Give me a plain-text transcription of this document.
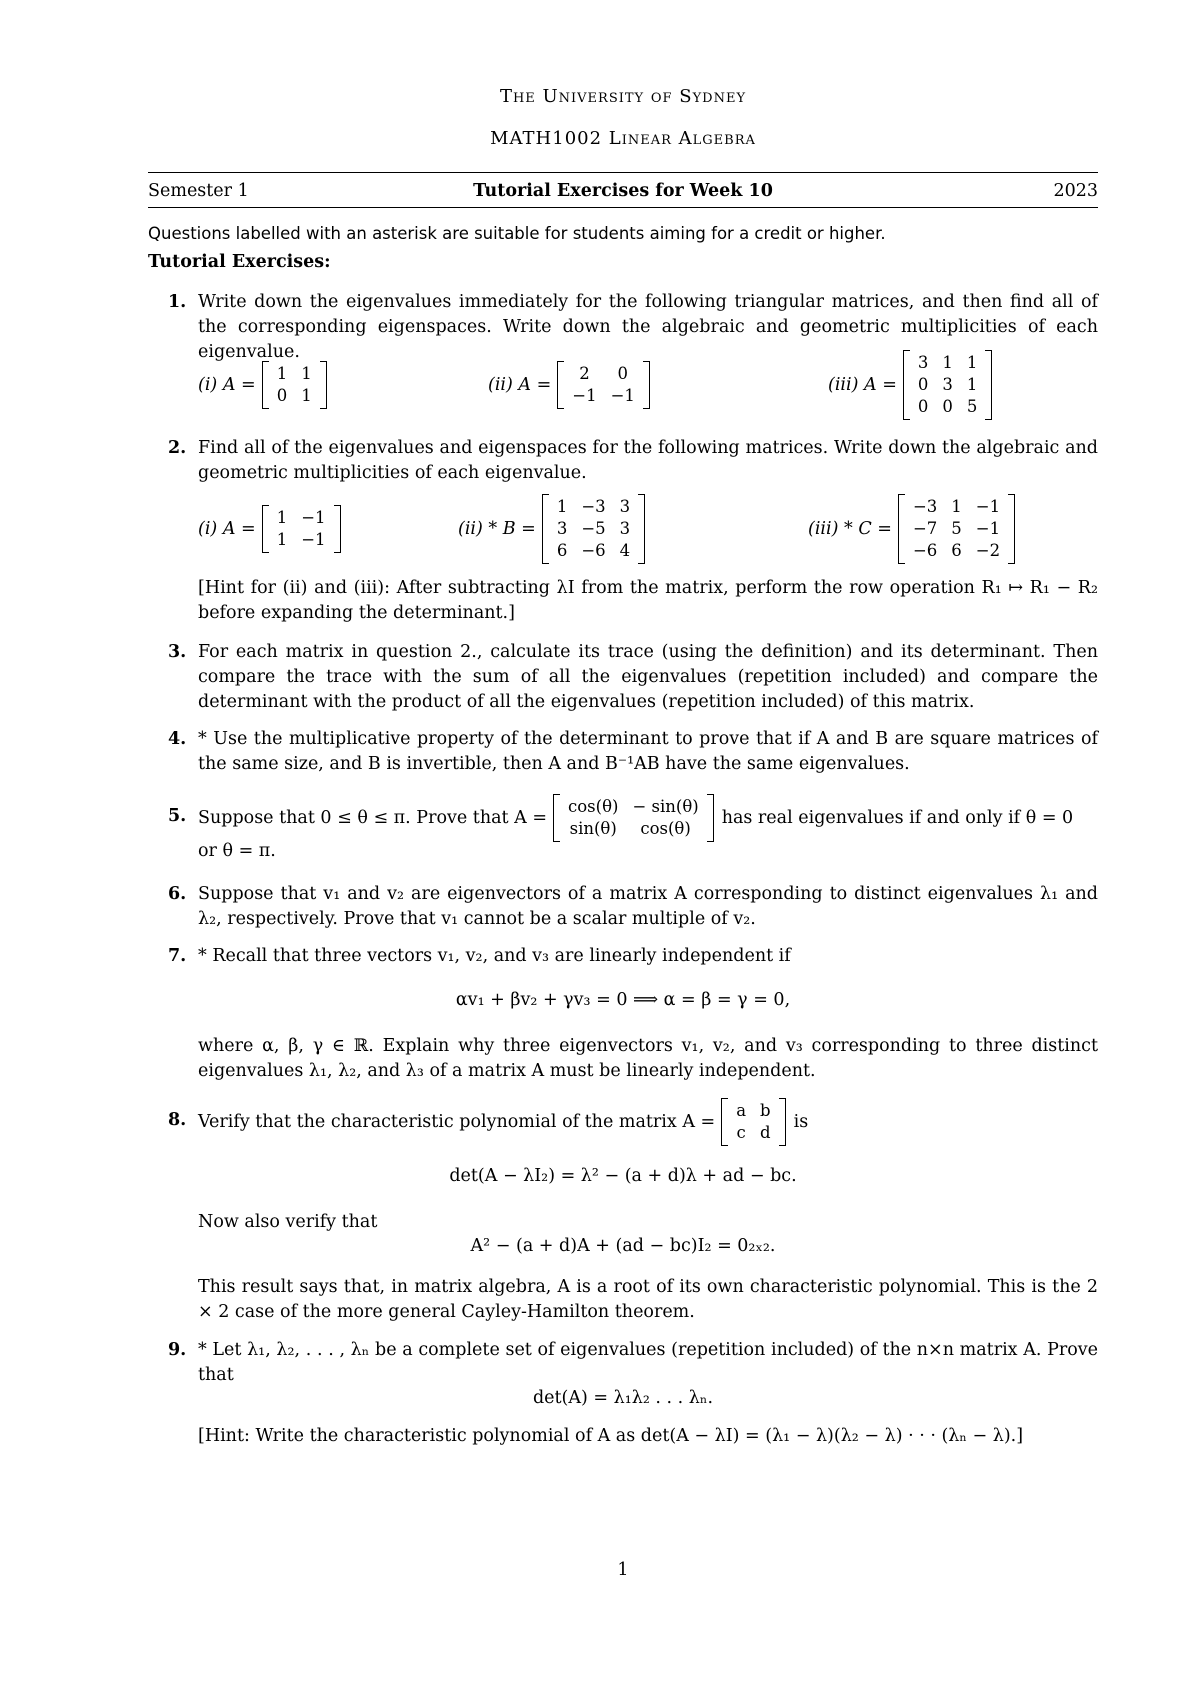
The University of Sydney
MATH1002 Linear Algebra
Semester 1	Tutorial Exercises for Week 10	2023
Questions labelled with an asterisk are suitable for students aiming for a credit or higher.
Tutorial Exercises:
1. Write down the eigenvalues immediately for the following triangular matrices, and then find all of the corresponding eigenspaces. Write down the algebraic and geometric multiplicities of each eigenvalue.
(i) A =
1	1
0	1
(ii) A =
2	0
−1	−1
(iii) A =
3	1	1
0	3	1
0	0	5
2. Find all of the eigenvalues and eigenspaces for the following matrices. Write down the algebraic and geometric multiplicities of each eigenvalue.
(i) A =
1	−1
1	−1
(ii) * B =
1	−3	3
3	−5	3
6	−6	4
(iii) * C =
−3	1	−1
−7	5	−1
−6	6	−2
[Hint for (ii) and (iii): After subtracting λI from the matrix, perform the row operation R₁ ↦ R₁ − R₂ before expanding the determinant.]
3. For each matrix in question 2., calculate its trace (using the definition) and its determinant. Then compare the trace with the sum of all the eigenvalues (repetition included) and compare the determinant with the product of all the eigenvalues (repetition included) of this matrix.
4. * Use the multiplicative property of the determinant to prove that if A and B are square matrices of the same size, and B is invertible, then A and B⁻¹AB have the same eigenvalues.
5. Suppose that 0 ≤ θ ≤ π. Prove that A =
cos(θ)	− sin(θ)
sin(θ)	cos(θ)
has real eigenvalues if and only if θ = 0
or θ = π.
6. Suppose that v₁ and v₂ are eigenvectors of a matrix A corresponding to distinct eigenvalues λ₁ and λ₂, respectively. Prove that v₁ cannot be a scalar multiple of v₂.
7. * Recall that three vectors v₁, v₂, and v₃ are linearly independent if
αv₁ + βv₂ + γv₃ = 0 ⟹ α = β = γ = 0,
where α, β, γ ∈ ℝ. Explain why three eigenvectors v₁, v₂, and v₃ corresponding to three distinct eigenvalues λ₁, λ₂, and λ₃ of a matrix A must be linearly independent.
8. Verify that the characteristic polynomial of the matrix A =
a	b
c	d
is
det(A − λI₂) = λ² − (a + d)λ + ad − bc.
Now also verify that
A² − (a + d)A + (ad − bc)I₂ = 0₂ₓ₂.
This result says that, in matrix algebra, A is a root of its own characteristic polynomial. This is the 2 × 2 case of the more general Cayley-Hamilton theorem.
9. * Let λ₁, λ₂, . . . , λₙ be a complete set of eigenvalues (repetition included) of the n×n matrix A. Prove that
det(A) = λ₁λ₂ . . . λₙ.
[Hint: Write the characteristic polynomial of A as det(A − λI) = (λ₁ − λ)(λ₂ − λ) · · · (λₙ − λ).]
1
